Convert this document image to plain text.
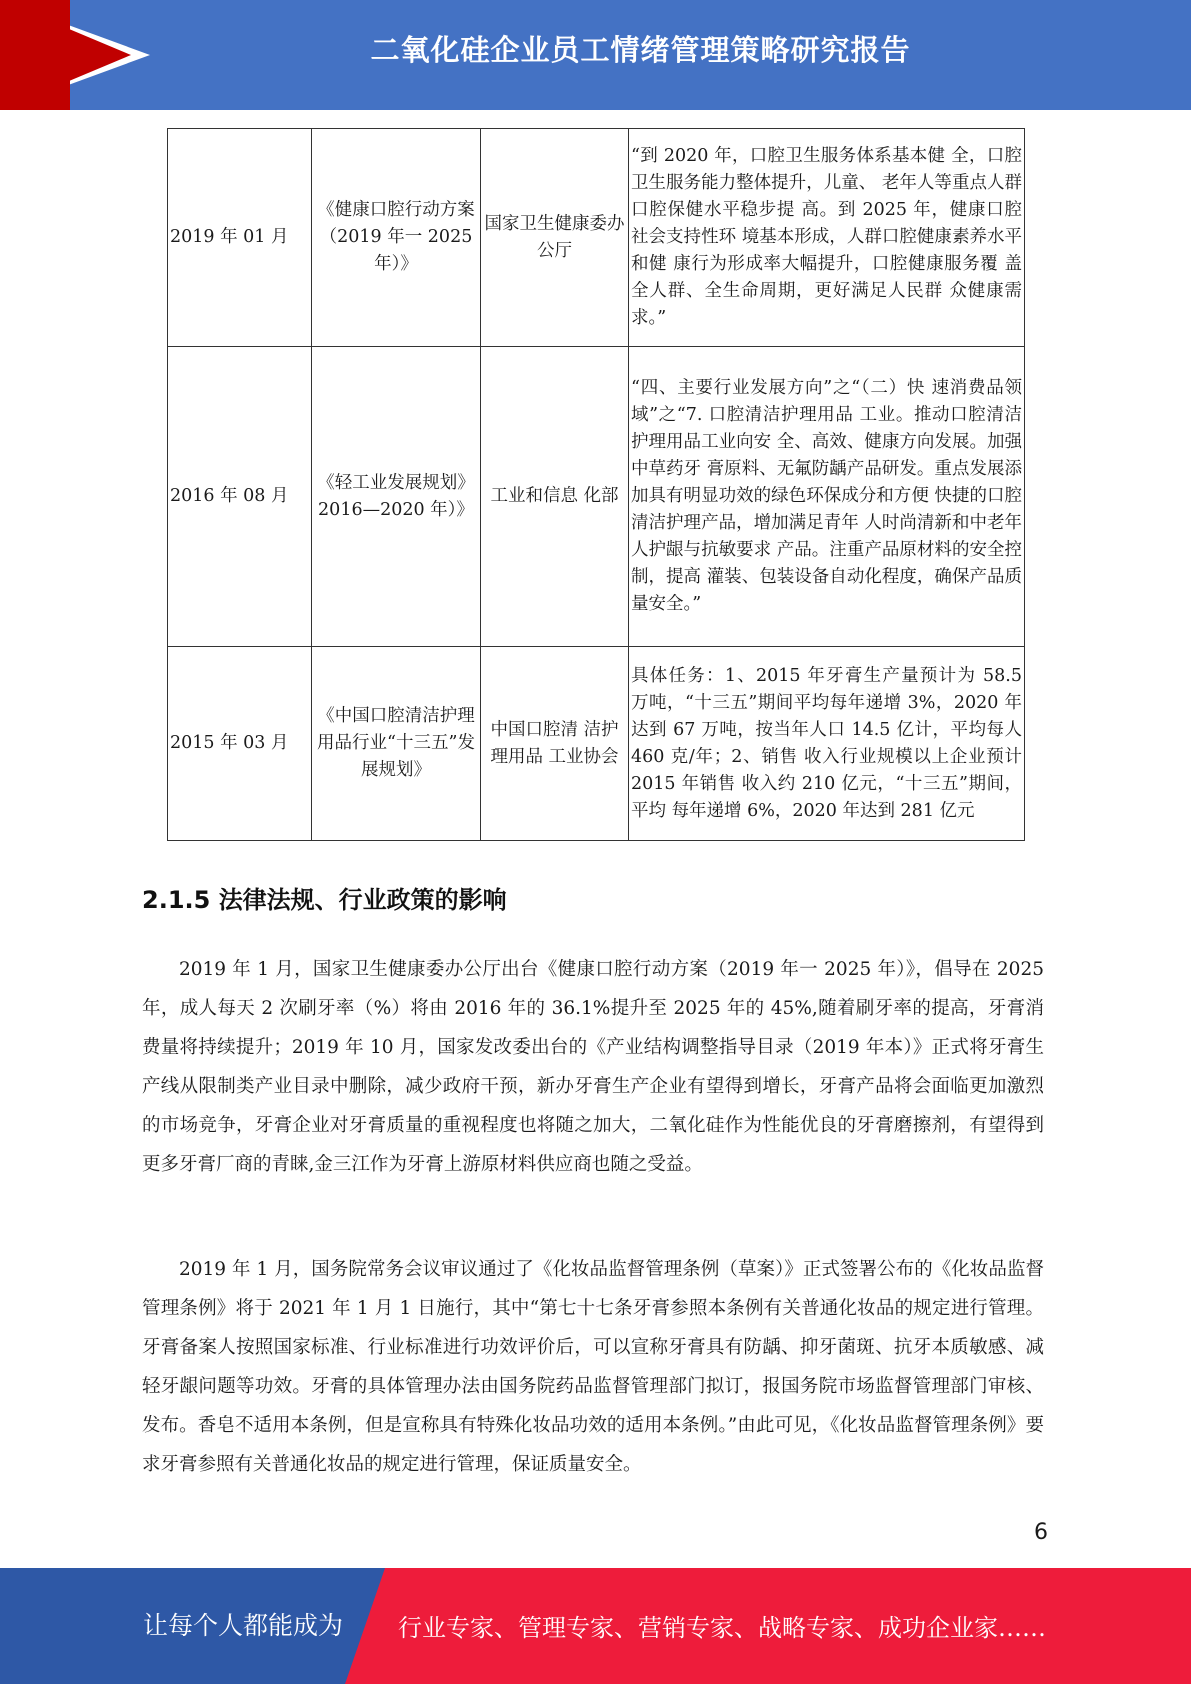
二氧化硅企业员工情绪管理策略研究报告
2019 年 01 月	《健康口腔行动方案（2019 年一 2025 年）》	国家卫生健康委办公厅	“到 2020 年，口腔卫生服务体系基本健 全，口腔卫生服务能力整体提升，儿童、 老年人等重点人群口腔保健水平稳步提 高。到 2025 年，健康口腔社会支持性环 境基本形成，人群口腔健康素养水平和健 康行为形成率大幅提升，口腔健康服务覆 盖全人群、全生命周期，更好满足人民群 众健康需求。”
2016 年 08 月	《轻工业发展规划》2016—2020 年）》	工业和信息 化部	“四、主要行业发展方向”之“（二）快 速消费品领域”之“7. 口腔清洁护理用品 工业。推动口腔清洁护理用品工业向安 全、高效、健康方向发展。加强中草药牙 膏原料、无氟防龋产品研发。重点发展添 加具有明显功效的绿色环保成分和方便 快捷的口腔清洁护理产品，增加满足青年 人时尚清新和中老年人护龈与抗敏要求 产品。注重产品原材料的安全控制，提高 灌装、包装设备自动化程度，确保产品质 量安全。”
2015 年 03 月	《中国口腔清洁护理用品行业“十三五”发展规划》	中国口腔清 洁护理用品 工业协会	具体任务：1、2015 年牙膏生产量预计为 58.5 万吨，“十三五”期间平均每年递增 3%，2020 年达到 67 万吨，按当年人口 14.5 亿计，平均每人 460 克/年；2、销售 收入行业规模以上企业预计 2015 年销售 收入约 210 亿元，“十三五”期间，平均 每年递增 6%，2020 年达到 281 亿元
2.1.5 法律法规、行业政策的影响

2019 年 1 月，国家卫生健康委办公厅出台《健康口腔行动方案（2019 年一 2025 年）》，倡导在 2025 年，成人每天 2 次刷牙率（%）将由 2016 年的 36.1%提升至 2025 年的 45%,随着刷牙率的提高，牙膏消费量将持续提升；2019 年 10 月，国家发改委出台的《产业结构调整指导目录（2019 年本）》正式将牙膏生产线从限制类产业目录中删除，减少政府干预，新办牙膏生产企业有望得到增长，牙膏产品将会面临更加激烈的市场竞争，牙膏企业对牙膏质量的重视程度也将随之加大，二氧化硅作为性能优良的牙膏磨擦剂，有望得到更多牙膏厂商的青睐,金三江作为牙膏上游原材料供应商也随之受益。

2019 年 1 月，国务院常务会议审议通过了《化妆品监督管理条例（草案）》正式签署公布的《化妆品监督管理条例》将于 2021 年 1 月 1 日施行，其中“第七十七条牙膏参照本条例有关普通化妆品的规定进行管理。牙膏备案人按照国家标准、行业标准进行功效评价后，可以宣称牙膏具有防龋、抑牙菌斑、抗牙本质敏感、减轻牙龈问题等功效。牙膏的具体管理办法由国务院药品监督管理部门拟订，报国务院市场监督管理部门审核、发布。香皂不适用本条例，但是宣称具有特殊化妆品功效的适用本条例。”由此可见，《化妆品监督管理条例》要求牙膏参照有关普通化妆品的规定进行管理，保证质量安全。

6
让每个人都能成为 行业专家、管理专家、营销专家、战略专家、成功企业家……
